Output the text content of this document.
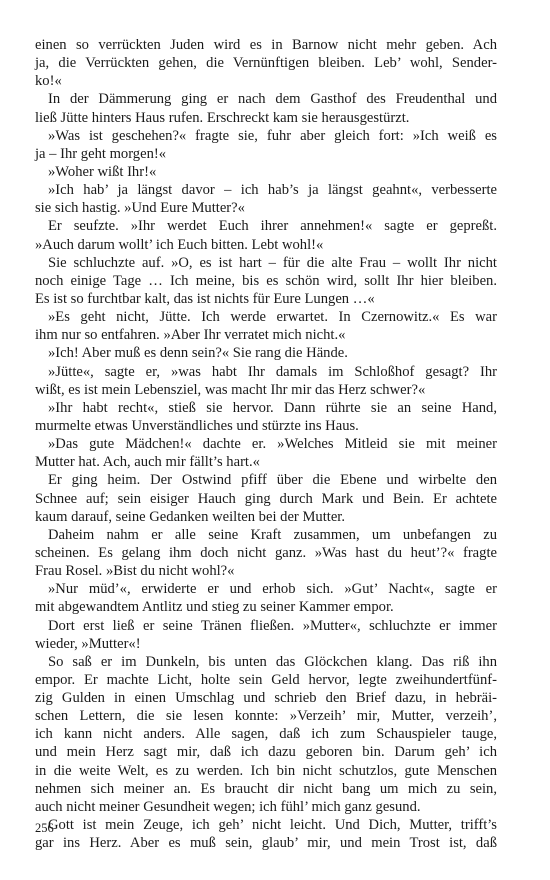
einen so verrückten Juden wird es in Barnow nicht mehr geben. Ach
ja, die Verrückten gehen, die Vernünftigen bleiben. Leb’ wohl, Sender-
ko!«
In der Dämmerung ging er nach dem Gasthof des Freudenthal und
ließ Jütte hinters Haus rufen. Erschreckt kam sie herausgestürzt.
»Was ist geschehen?« fragte sie, fuhr aber gleich fort: »Ich weiß es
ja – Ihr geht morgen!«
»Woher wißt Ihr!«
»Ich hab’ ja längst davor – ich hab’s ja längst geahnt«, verbesserte
sie sich hastig. »Und Eure Mutter?«
Er seufzte. »Ihr werdet Euch ihrer annehmen!« sagte er gepreßt.
»Auch darum wollt’ ich Euch bitten. Lebt wohl!«
Sie schluchzte auf. »O, es ist hart – für die alte Frau – wollt Ihr nicht
noch einige Tage … Ich meine, bis es schön wird, sollt Ihr hier bleiben.
Es ist so furchtbar kalt, das ist nichts für Eure Lungen …«
»Es geht nicht, Jütte. Ich werde erwartet. In Czernowitz.« Es war
ihm nur so entfahren. »Aber Ihr verratet mich nicht.«
»Ich! Aber muß es denn sein?« Sie rang die Hände.
»Jütte«, sagte er, »was habt Ihr damals im Schloßhof gesagt? Ihr
wißt, es ist mein Lebensziel, was macht Ihr mir das Herz schwer?«
»Ihr habt recht«, stieß sie hervor. Dann rührte sie an seine Hand,
murmelte etwas Unverständliches und stürzte ins Haus.
»Das gute Mädchen!« dachte er. »Welches Mitleid sie mit meiner
Mutter hat. Ach, auch mir fällt’s hart.«
Er ging heim. Der Ostwind pfiff über die Ebene und wirbelte den
Schnee auf; sein eisiger Hauch ging durch Mark und Bein. Er achtete
kaum darauf, seine Gedanken weilten bei der Mutter.
Daheim nahm er alle seine Kraft zusammen, um unbefangen zu
scheinen. Es gelang ihm doch nicht ganz. »Was hast du heut’?« fragte
Frau Rosel. »Bist du nicht wohl?«
»Nur müd’«, erwiderte er und erhob sich. »Gut’ Nacht«, sagte er
mit abgewandtem Antlitz und stieg zu seiner Kammer empor.
Dort erst ließ er seine Tränen fließen. »Mutter«, schluchzte er immer
wieder, »Mutter«!
So saß er im Dunkeln, bis unten das Glöckchen klang. Das riß ihn
empor. Er machte Licht, holte sein Geld hervor, legte zweihundertfünf-
zig Gulden in einen Umschlag und schrieb den Brief dazu, in hebräi-
schen Lettern, die sie lesen konnte: »Verzeih’ mir, Mutter, verzeih’,
ich kann nicht anders. Alle sagen, daß ich zum Schauspieler tauge,
und mein Herz sagt mir, daß ich dazu geboren bin. Darum geh’ ich
in die weite Welt, es zu werden. Ich bin nicht schutzlos, gute Menschen
nehmen sich meiner an. Es braucht dir nicht bang um mich zu sein,
auch nicht meiner Gesundheit wegen; ich fühl’ mich ganz gesund.
Gott ist mein Zeuge, ich geh’ nicht leicht. Und Dich, Mutter, trifft’s
gar ins Herz. Aber es muß sein, glaub’ mir, und mein Trost ist, daß
256
